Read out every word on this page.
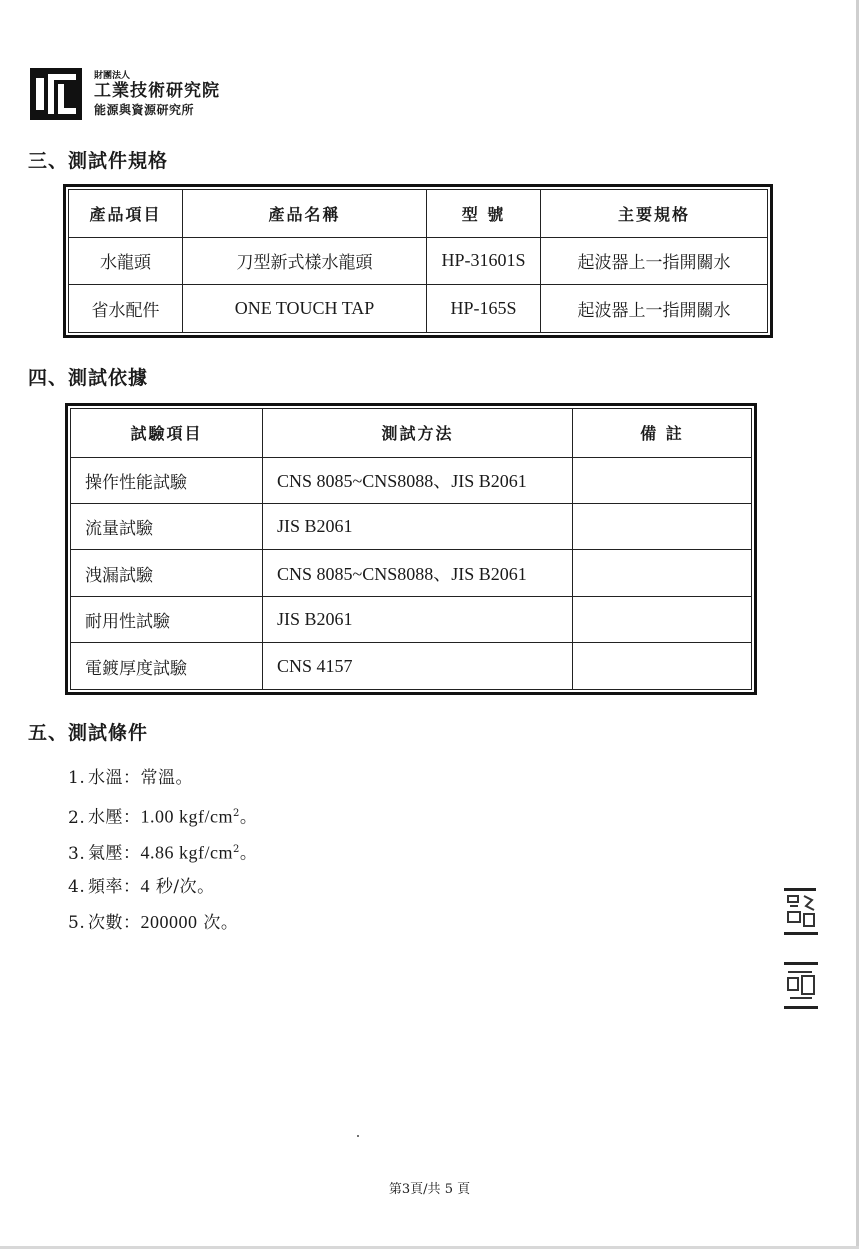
財團法人
工業技術研究院
能源與資源研究所
三、測試件規格
產品項目	產品名稱	型 號	主要規格
水龍頭	刀型新式樣水龍頭	HP-31601S	起波器上一指開關水
省水配件	ONE TOUCH TAP	HP-165S	起波器上一指開關水
四、測試依據
試驗項目	測試方法	備 註
操作性能試驗	CNS 8085~CNS8088、JIS B2061	
流量試驗	JIS B2061	
洩漏試驗	CNS 8085~CNS8088、JIS B2061	
耐用性試驗	JIS B2061	
電鍍厚度試驗	CNS 4157	
五、測試條件
1. 水溫：常溫。
2. 水壓：1.00 kgf/$cm^2$。
3. 氣壓：4.86 kgf/$cm^2$。
4. 頻率：4 秒/次。
5. 次數：200000 次。
第3頁/共 5 頁
